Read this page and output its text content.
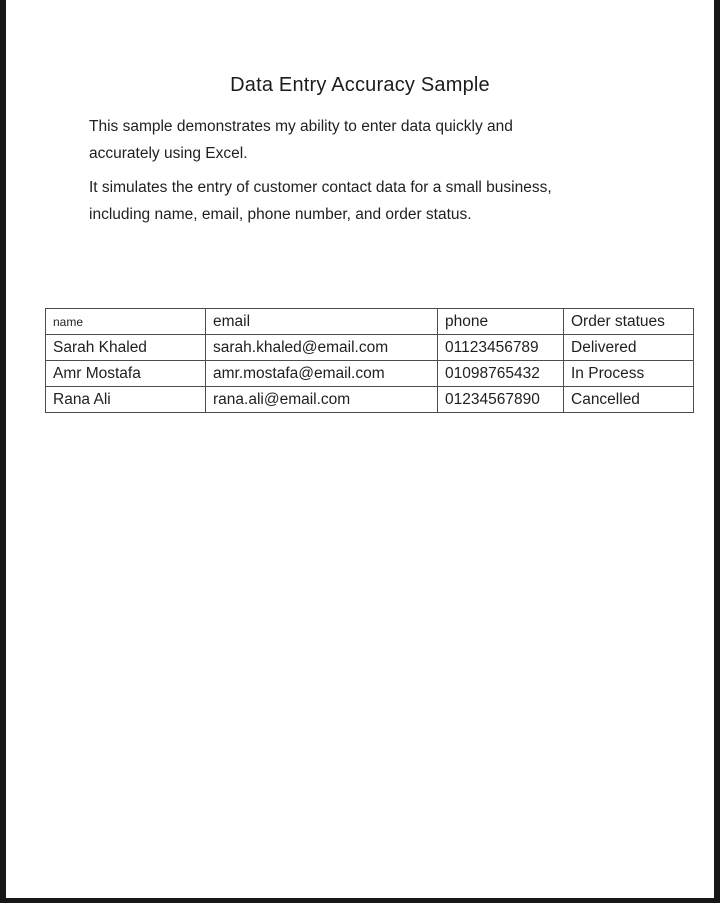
Data Entry Accuracy Sample
This sample demonstrates my ability to enter data quickly and
accurately using Excel.
It simulates the entry of customer contact data for a small business,
including name, email, phone number, and order status.
name	email	phone	Order statues
Sarah Khaled	sarah.khaled@email.com	01123456789	Delivered
Amr Mostafa	amr.mostafa@email.com	01098765432	In Process
Rana Ali	rana.ali@email.com	01234567890	Cancelled
